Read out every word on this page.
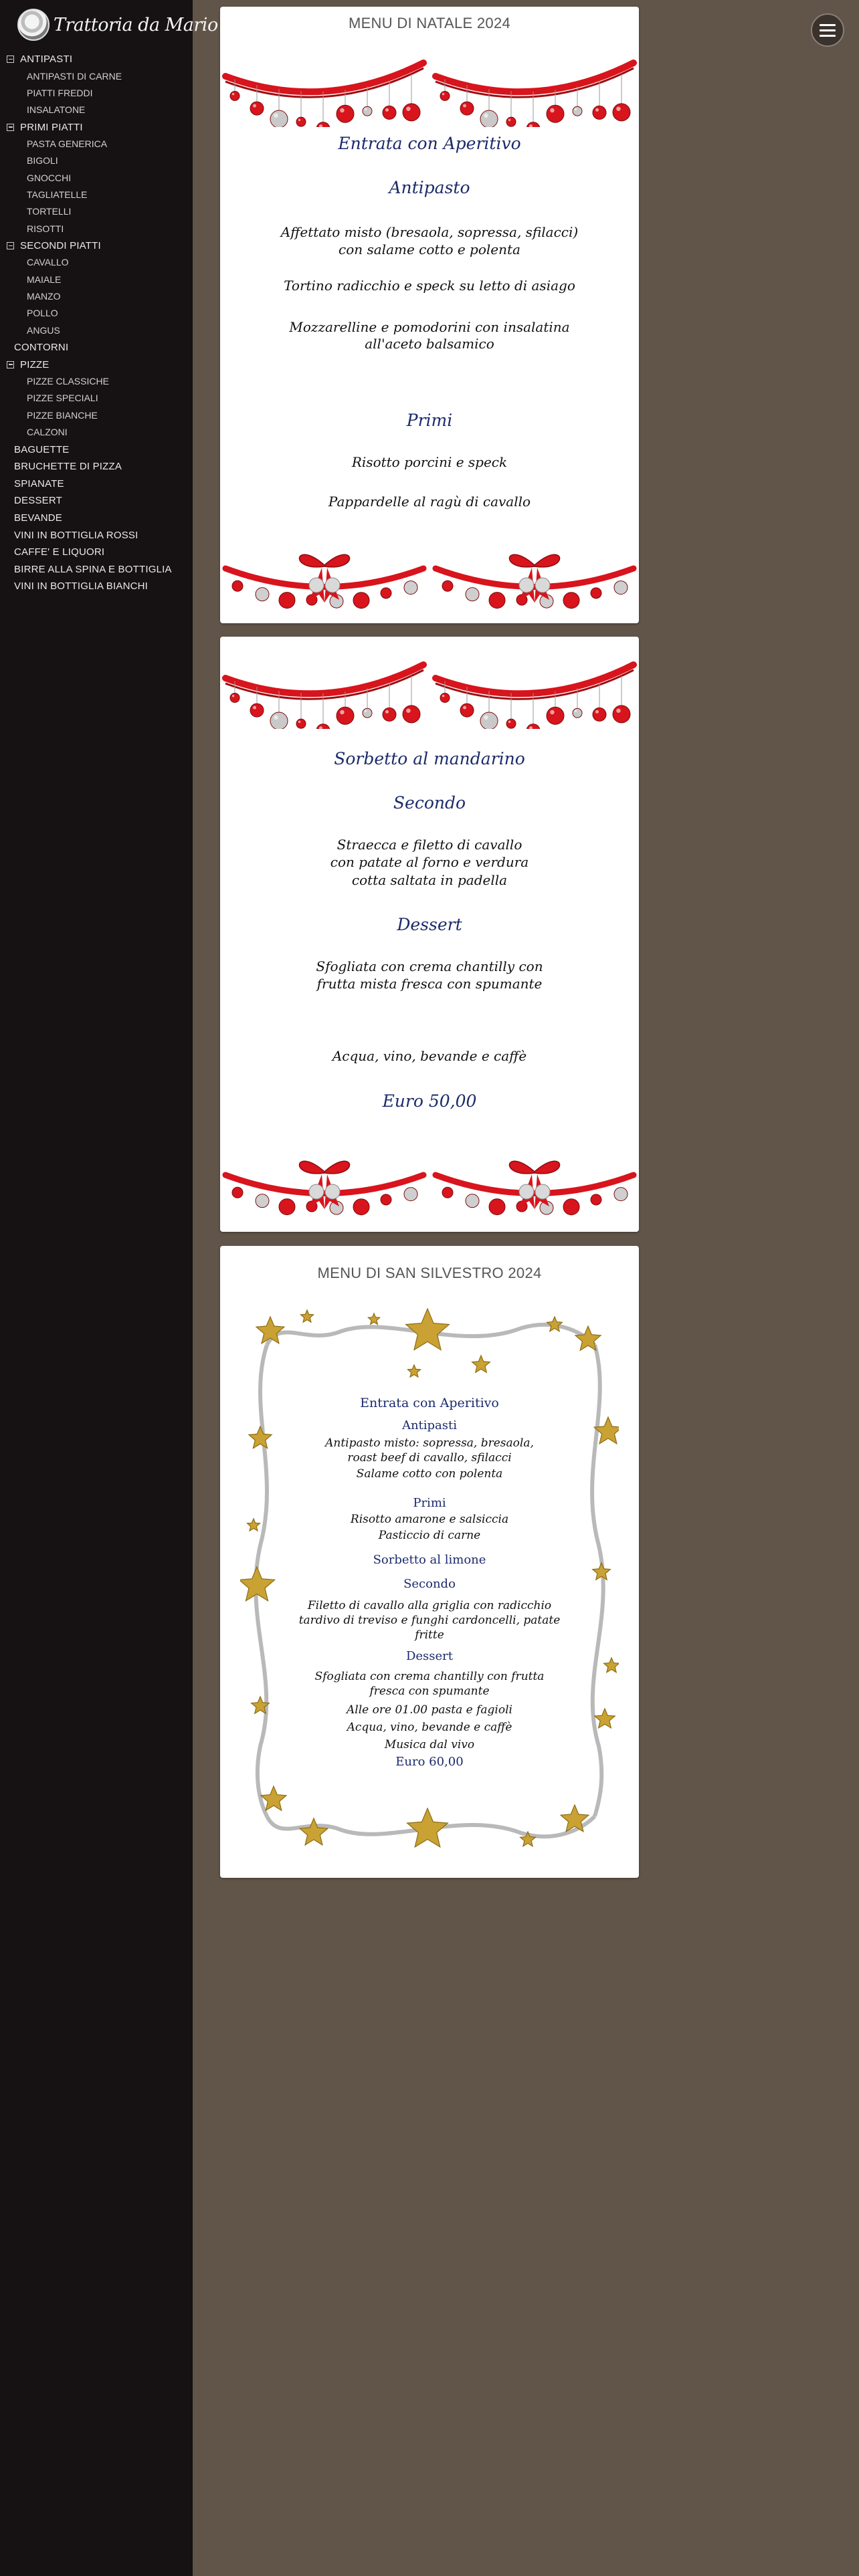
Trattoria da Mario
ANTIPASTI
ANTIPASTI DI CARNE
PIATTI FREDDI
INSALATONE
PRIMI PIATTI
PASTA GENERICA
BIGOLI
GNOCCHI
TAGLIATELLE
TORTELLI
RISOTTI
SECONDI PIATTI
CAVALLO
MAIALE
MANZO
POLLO
ANGUS
CONTORNI
PIZZE
PIZZE CLASSICHE
PIZZE SPECIALI
PIZZE BIANCHE
CALZONI
BAGUETTE
BRUCHETTE DI PIZZA
SPIANATE
DESSERT
BEVANDE
VINI IN BOTTIGLIA ROSSI
CAFFE' E LIQUORI
BIRRE ALLA SPINA E BOTTIGLIA
VINI IN BOTTIGLIA BIANCHI
MENU DI NATALE 2024
Entrata con Aperitivo
Antipasto
Affettato misto (bresaola, sopressa, sfilacci)
con salame cotto e polenta
Tortino radicchio e speck su letto di asiago
Mozzarelline e pomodorini con insalatina
all'aceto balsamico
Primi
Risotto porcini e speck
Pappardelle al ragù di cavallo
Sorbetto al mandarino
Secondo
Straecca e filetto di cavallo
con patate al forno e verdura
cotta saltata in padella
Dessert
Sfogliata con crema chantilly con
frutta mista fresca con spumante
Acqua, vino, bevande e caffè
Euro 50,00
MENU DI SAN SILVESTRO 2024
Entrata con Aperitivo
Antipasti
Antipasto misto: sopressa, bresaola,
roast beef di cavallo, sfilacci
Salame cotto con polenta
Primi
Risotto amarone e salsiccia
Pasticcio di carne
Sorbetto al limone
Secondo
Filetto di cavallo alla griglia con radicchio
tardivo di treviso e funghi cardoncelli, patate
fritte
Dessert
Sfogliata con crema chantilly con frutta
fresca con spumante
Alle ore 01.00 pasta e fagioli
Acqua, vino, bevande e caffè
Musica dal vivo
Euro 60,00
